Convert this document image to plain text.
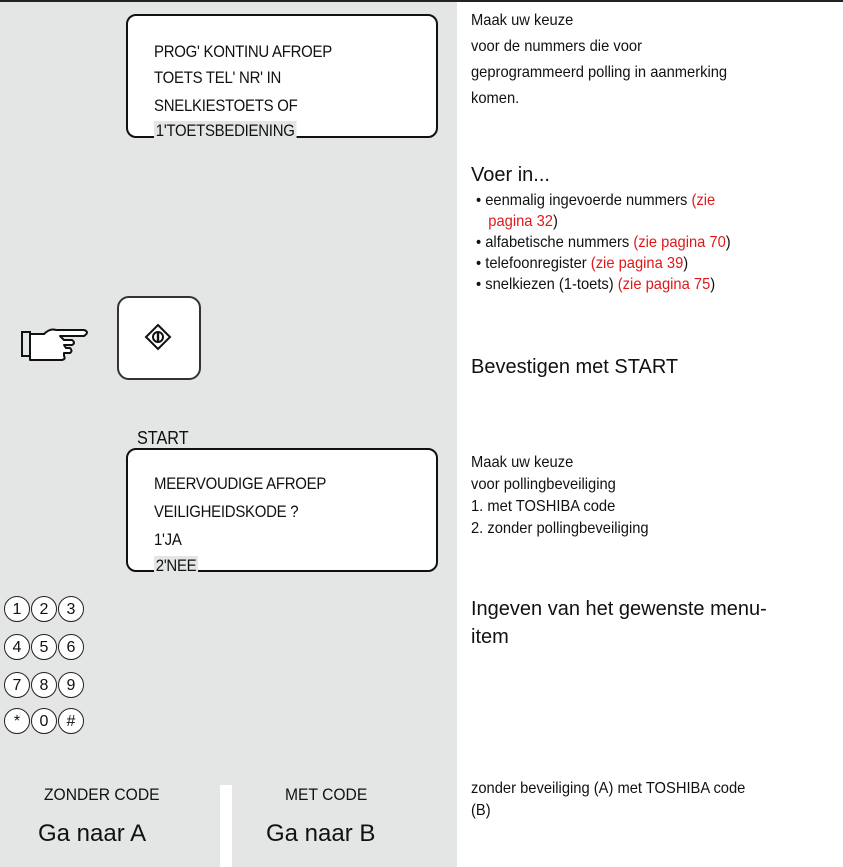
PROG' KONTINU AFROEP
TOETS TEL' NR' IN
SNELKIESTOETS OF
1'TOETSBEDIENING
START
MEERVOUDIGE AFROEP
VEILIGHEIDSKODE ?
1'JA
2'NEE
1	2	3
4	5	6
7	8	9
*	0	#
ZONDER CODE
Ga naar A
MET CODE
Ga naar B
Maak uw keuze
voor de nummers die voor
geprogrammeerd polling in aanmerking
komen.
Voer in...
• eenmalig ingevoerde nummers (zie
pagina 32)
• alfabetische nummers (zie pagina 70)
• telefoonregister (zie pagina 39)
• snelkiezen (1-toets) (zie pagina 75)
Bevestigen met START
Maak uw keuze
voor pollingbeveiliging
1. met TOSHIBA code
2. zonder pollingbeveiliging
Ingeven van het gewenste menu-
item
zonder beveiliging (A) met TOSHIBA code
(B)
